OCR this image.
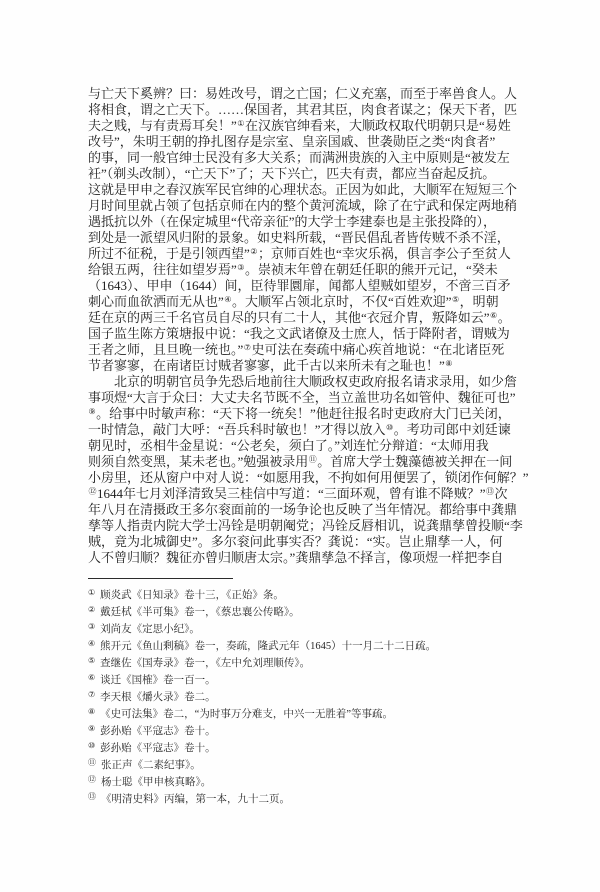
与亡天下奚辨？曰：易姓改号，谓之亡国；仁义充塞，而至于率兽食人。人
将相食，谓之亡天下。……保国者，其君其臣，肉食者谋之；保天下者，匹
夫之贱，与有责焉耳矣！”①在汉族官绅看来，大顺政权取代明朝只是“易姓
改号”，朱明王朝的挣扎图存是宗室、皇亲国戚、世袭勋臣之类“肉食者”
的事，同一般官绅士民没有多大关系；而满洲贵族的入主中原则是“被发左
衽”（剃头改制），“亡天下”了；天下兴亡，匹夫有责，都应当奋起反抗。
这就是甲申之春汉族军民官绅的心理状态。正因为如此，大顺军在短短三个
月时间里就占领了包括京师在内的整个黄河流域，除了在宁武和保定两地稍
遇抵抗以外（在保定城里“代帝亲征”的大学士李建泰也是主张投降的），
到处是一派望风归附的景象。如史料所载，“晋民倡乱者皆传贼不杀不淫，
所过不征税，于是引领西望”②；京师百姓也“幸灾乐祸，俱言李公子至贫人
给银五两，往往如望岁焉”③。崇祯末年曾在朝廷任职的熊开元记，“癸未
（1643）、甲申（1644）间，臣待罪圜扉，闻都人望贼如望岁，不啻三百矛
刺心而血欲洒而无从也”④。大顺军占领北京时，不仅“百姓欢迎”⑤，明朝
廷在京的两三千名官员自尽的只有二十人，其他“衣冠介胄，叛降如云”⑥。
国子监生陈方策塘报中说：“我之文武诸僚及士庶人，恬于降附者，谓贼为
王者之师，且旦晚一统也。”⑦史可法在奏疏中痛心疾首地说：“在北诸臣死
节者寥寥，在南诸臣讨贼者寥寥，此千古以来所未有之耻也！”⑧
　　北京的明朝官员争先恐后地前往大顺政权吏政府报名请求录用，如少詹
事项煜“大言于众曰：大丈夫名节既不全，当立盖世功名如管仲、魏征可也”
⑨。给事中时敏声称：“天下将一统矣！”他赶往报名时吏政府大门已关闭，
一时情急，敲门大呼：“吾兵科时敏也！”才得以放入⑩。考功司郎中刘廷谏
朝见时，丞相牛金星说：“公老矣，须白了。”刘连忙分辩道：“太师用我
则须自然变黑，某未老也。”勉强被录用⑪。首席大学士魏藻德被关押在一间
小房里，还从窗户中对人说：“如愿用我，不拘如何用便罢了，锁闭作何解？”
⑫1644年七月刘泽清致吴三桂信中写道：“三面环观，曾有谁不降贼？”⑬次
年八月在清摄政王多尔衮面前的一场争论也反映了当年情况。都给事中龚鼎
孳等人指责内院大学士冯铨是明朝阉党；冯铨反唇相讥，说龚鼎孳曾投顺“李
贼，竟为北城御史”。多尔衮问此事实否？龚说：“实。岂止鼎孳一人，何
人不曾归顺？魏征亦曾归顺唐太宗。”龚鼎孳急不择言，像项煜一样把李自
① 顾炎武《日知录》卷十三，《正始》条。
② 戴廷栻《半可集》卷一，《蔡忠襄公传略》。
③ 刘尚友《定思小纪》。
④ 熊开元《鱼山剩稿》卷一，奏疏，隆武元年（1645）十一月二十二日疏。
⑤ 查继佐《国寿录》卷一，《左中允刘理顺传》。
⑥ 谈迁《国榷》卷一百一。
⑦ 李天根《爝火录》卷二。
⑧ 《史可法集》卷二，“为时事万分难支，中兴一无胜着”等事疏。
⑨ 彭孙贻《平寇志》卷十。
⑩ 彭孙贻《平寇志》卷十。
⑪ 张正声《二素纪事》。
⑫ 杨士聪《甲申核真略》。
⑬ 《明清史料》丙编，第一本，九十二页。
